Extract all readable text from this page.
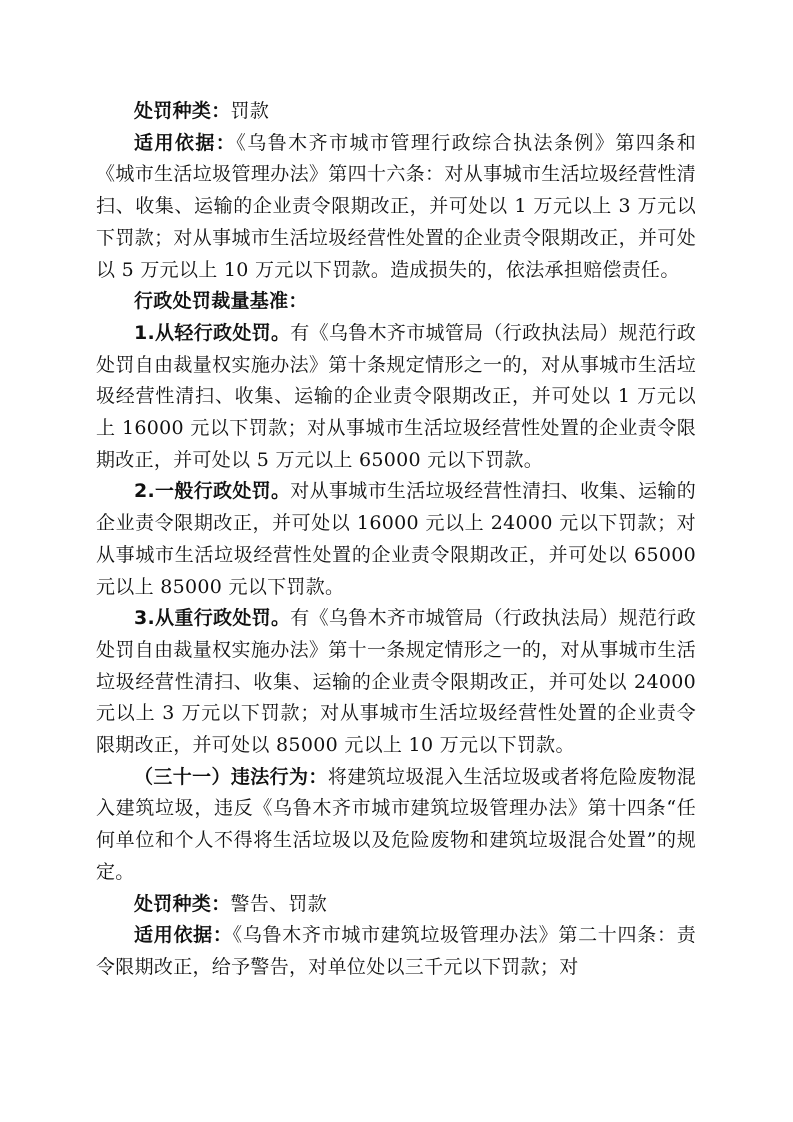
处罚种类：罚款

适用依据：《乌鲁木齐市城市管理行政综合执法条例》第四条和《城市生活垃圾管理办法》第四十六条：对从事城市生活垃圾经营性清扫、收集、运输的企业责令限期改正，并可处以 1 万元以上 3 万元以下罚款；对从事城市生活垃圾经营性处置的企业责令限期改正，并可处以 5 万元以上 10 万元以下罚款。造成损失的，依法承担赔偿责任。

行政处罚裁量基准：

1.从轻行政处罚。有《乌鲁木齐市城管局（行政执法局）规范行政处罚自由裁量权实施办法》第十条规定情形之一的，对从事城市生活垃圾经营性清扫、收集、运输的企业责令限期改正，并可处以 1 万元以上 16000 元以下罚款；对从事城市生活垃圾经营性处置的企业责令限期改正，并可处以 5 万元以上 65000 元以下罚款。

2.一般行政处罚。对从事城市生活垃圾经营性清扫、收集、运输的企业责令限期改正，并可处以 16000 元以上 24000 元以下罚款；对从事城市生活垃圾经营性处置的企业责令限期改正，并可处以 65000 元以上 85000 元以下罚款。

3.从重行政处罚。有《乌鲁木齐市城管局（行政执法局）规范行政处罚自由裁量权实施办法》第十一条规定情形之一的，对从事城市生活垃圾经营性清扫、收集、运输的企业责令限期改正，并可处以 24000 元以上 3 万元以下罚款；对从事城市生活垃圾经营性处置的企业责令限期改正，并可处以 85000 元以上 10 万元以下罚款。

（三十一）违法行为：将建筑垃圾混入生活垃圾或者将危险废物混入建筑垃圾，违反《乌鲁木齐市城市建筑垃圾管理办法》第十四条“任何单位和个人不得将生活垃圾以及危险废物和建筑垃圾混合处置”的规定。

处罚种类：警告、罚款

适用依据：《乌鲁木齐市城市建筑垃圾管理办法》第二十四条：责令限期改正，给予警告，对单位处以三千元以下罚款；对
